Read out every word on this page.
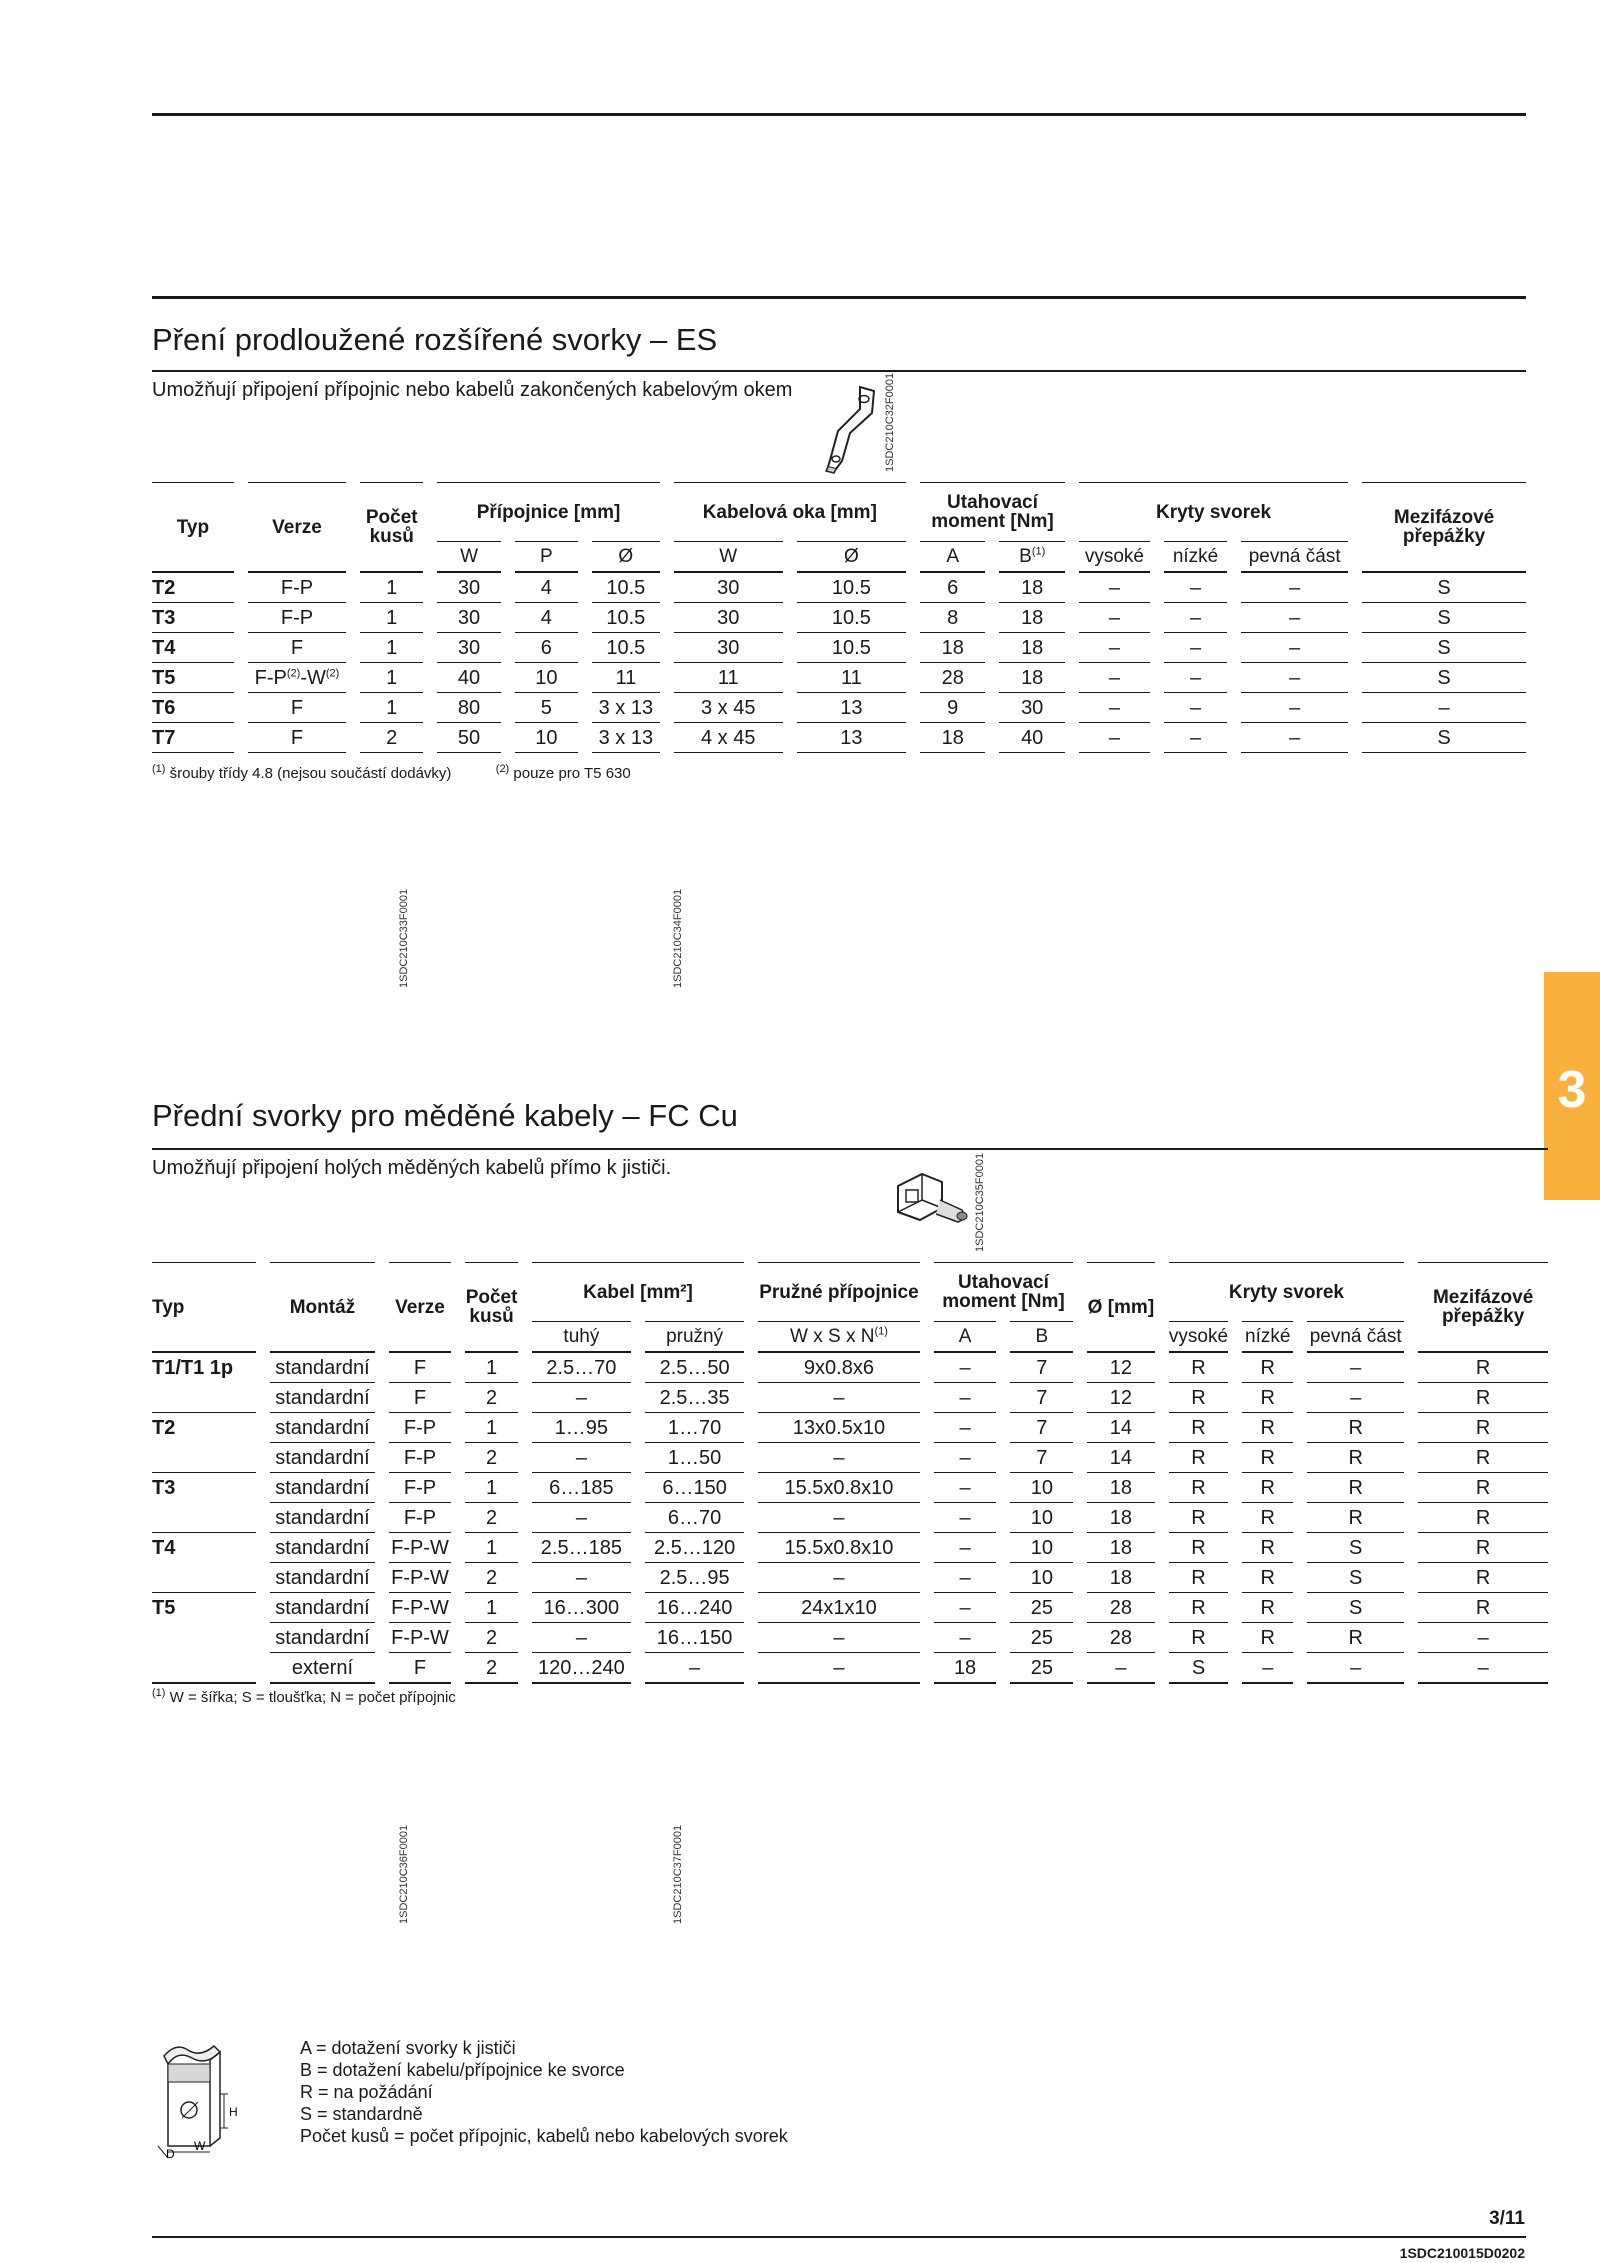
Pření prodloužené rozšířené svorky – ES
Umožňují připojení přípojnic nebo kabelů zakončených kabelovým okem	1SDC210C32F0001
Typ	Verze	Počet kusů	Přípojnice [mm]			Kabelová oka [mm]		Utahovací moment [Nm]		Kryty svorek			Mezifázové přepážky
			W	P	Ø	W	Ø	A	$B^{(1)}$	vysoké	nízké	pevná část	
T2	F-P	1	30	4	10.5	30	10.5	6	18	–	–	–	S
T3	F-P	1	30	4	10.5	30	10.5	8	18	–	–	–	S
T4	F	1	30	6	10.5	30	10.5	18	18	–	–	–	S
T5	$F-P^{(2)}-W^{(2)}$	1	40	10	11	11	11	28	18	–	–	–	S
T6	F	1	80	5	3 x 13	3 x 45	13	9	30	–	–	–	–
T7	F	2	50	10	3 x 13	4 x 45	13	18	40	–	–	–	S
$^{(1)}$ šrouby třídy 4.8 (nejsou součástí dodávky)	$^{(2)}$ pouze pro T5 630
1SDC210C33F0001	1SDC210C34F0001
3
Přední svorky pro měděné kabely – FC Cu
Umožňují připojení holých měděných kabelů přímo k jističi.	1SDC210C35F0001
Typ	Montáž	Verze	Počet kusů	Kabel [mm²]		Pružné přípojnice	Utahovací moment [Nm]		Ø [mm]	Kryty svorek			Mezifázové přepážky
				tuhý	pružný	W x S x $N^{(1)}$	A	B		vysoké	nízké	pevná část	
T1/T1 1p	standardní	F	1	2.5…70	2.5…50	9x0.8x6	–	7	12	R	R	–	R
	standardní	F	2	–	2.5…35	–	–	7	12	R	R	–	R
T2	standardní	F-P	1	1…95	1…70	13x0.5x10	–	7	14	R	R	R	R
	standardní	F-P	2	–	1…50	–	–	7	14	R	R	R	R
T3	standardní	F-P	1	6…185	6…150	15.5x0.8x10	–	10	18	R	R	R	R
	standardní	F-P	2	–	6…70	–	–	10	18	R	R	R	R
T4	standardní	F-P-W	1	2.5…185	2.5…120	15.5x0.8x10	–	10	18	R	R	S	R
	standardní	F-P-W	2	–	2.5…95	–	–	10	18	R	R	S	R
T5	standardní	F-P-W	1	16…300	16…240	24x1x10	–	25	28	R	R	S	R
	standardní	F-P-W	2	–	16…150	–	–	25	28	R	R	R	–
	externí	F	2	120…240	–	–	18	25	–	S	–	–	–
$^{(1)}$ W = šířka; S = tloušťka; N = počet přípojnic
1SDC210C36F0001	1SDC210C37F0001
H
W
D
A = dotažení svorky k jističi
B = dotažení kabelu/přípojnice ke svorce
R = na požádání
S = standardně
Počet kusů = počet přípojnic, kabelů nebo kabelových svorek
3/11
1SDC210015D0202
